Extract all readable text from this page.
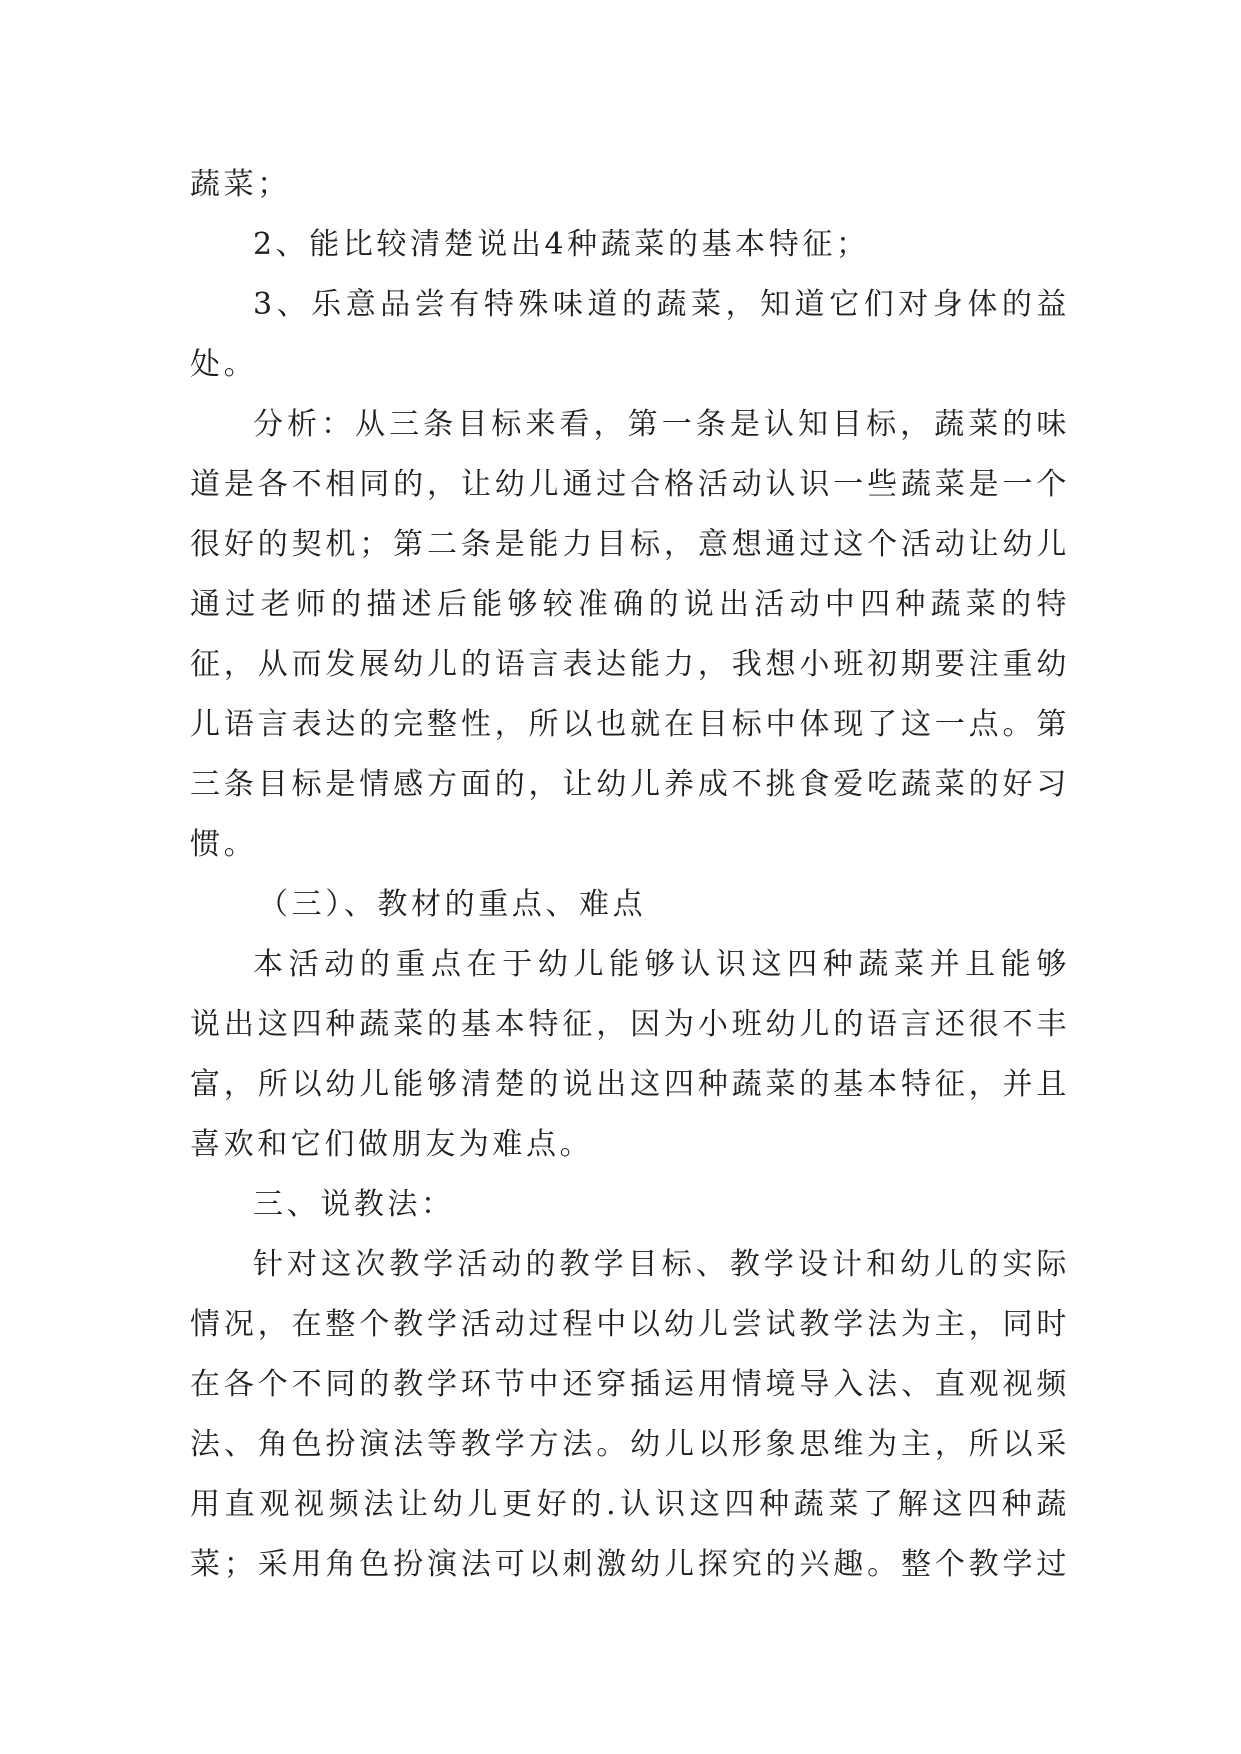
蔬菜；
2、能比较清楚说出4种蔬菜的基本特征；
3、乐意品尝有特殊味道的蔬菜，知道它们对身体的益
处。
分析：从三条目标来看，第一条是认知目标，蔬菜的味
道是各不相同的，让幼儿通过合格活动认识一些蔬菜是一个
很好的契机；第二条是能力目标，意想通过这个活动让幼儿
通过老师的描述后能够较准确的说出活动中四种蔬菜的特
征，从而发展幼儿的语言表达能力，我想小班初期要注重幼
儿语言表达的完整性，所以也就在目标中体现了这一点。第
三条目标是情感方面的，让幼儿养成不挑食爱吃蔬菜的好习
惯。
（三）、教材的重点、难点
本活动的重点在于幼儿能够认识这四种蔬菜并且能够
说出这四种蔬菜的基本特征，因为小班幼儿的语言还很不丰
富，所以幼儿能够清楚的说出这四种蔬菜的基本特征，并且
喜欢和它们做朋友为难点。
三、说教法：
针对这次教学活动的教学目标、教学设计和幼儿的实际
情况，在整个教学活动过程中以幼儿尝试教学法为主，同时
在各个不同的教学环节中还穿插运用情境导入法、直观视频
法、角色扮演法等教学方法。幼儿以形象思维为主，所以采
用直观视频法让幼儿更好的.认识这四种蔬菜了解这四种蔬
菜；采用角色扮演法可以刺激幼儿探究的兴趣。整个教学过
